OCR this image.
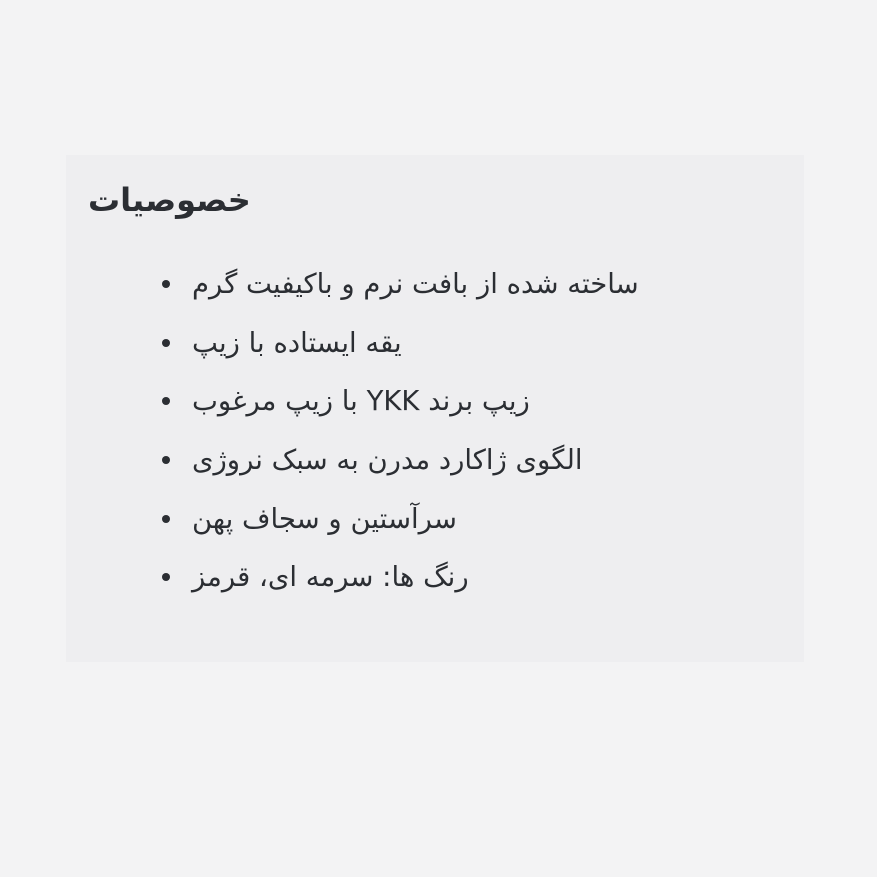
خصوصیات
ساخته شده از بافت نرم و باکیفیت گرم
یقه ایستاده با زیپ
زیپ برند YKK با زیپ مرغوب
الگوی ژاکارد مدرن به سبک نروژی
سرآستین و سجاف پهن
رنگ ها: سرمه ای، قرمز
